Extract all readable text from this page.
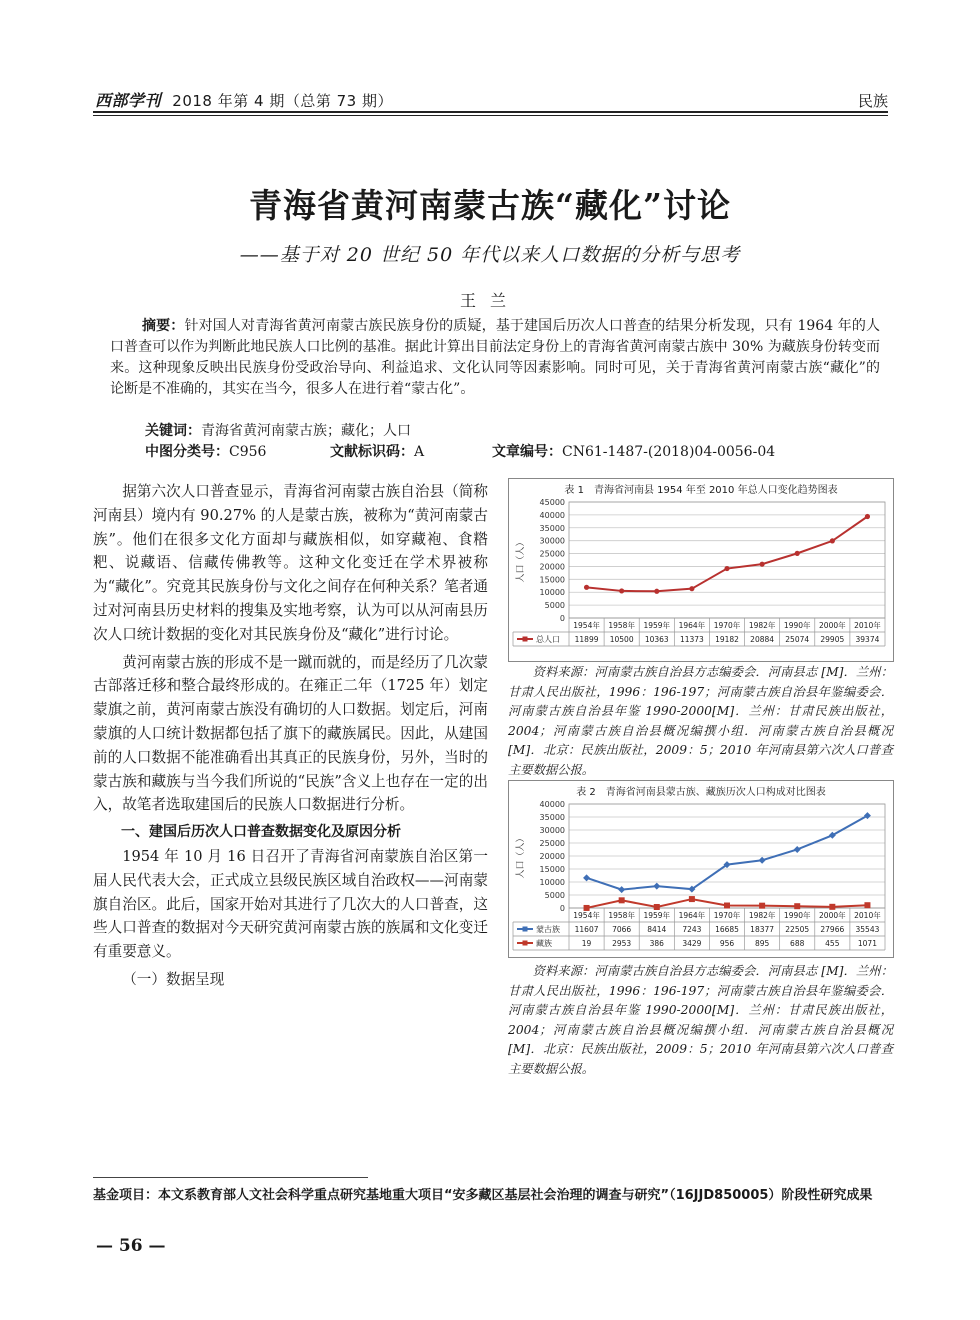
西部学刊 2018 年第 4 期（总第 73 期）	民族
青海省黄河南蒙古族“藏化”讨论
——基于对 20 世纪 50 年代以来人口数据的分析与思考
王兰
摘要：针对国人对青海省黄河南蒙古族民族身份的质疑，基于建国后历次人口普查的结果分析发现，只有 1964 年的人口普查可以作为判断此地民族人口比例的基准。据此计算出目前法定身份上的青海省黄河南蒙古族中 30% 为藏族身份转变而来。这种现象反映出民族身份受政治导向、利益追求、文化认同等因素影响。同时可见，关于青海省黄河南蒙古族“藏化”的论断是不准确的，其实在当今，很多人在进行着“蒙古化”。
关键词：青海省黄河南蒙古族；藏化；人口
中图分类号：C956	文献标识码：A	文章编号：CN61-1487-(2018)04-0056-04

据第六次人口普查显示，青海省河南蒙古族自治县（简称河南县）境内有 90.27% 的人是蒙古族，被称为“黄河南蒙古族”。他们在很多文化方面却与藏族相似，如穿藏袍、食糌粑、说藏语、信藏传佛教等。这种文化变迁在学术界被称为“藏化”。究竟其民族身份与文化之间存在何种关系？笔者通过对河南县历史材料的搜集及实地考察，认为可以从河南县历次人口统计数据的变化对其民族身份及“藏化”进行讨论。

黄河南蒙古族的形成不是一蹴而就的，而是经历了几次蒙古部落迁移和整合最终形成的。在雍正二年（1725 年）划定蒙旗之前，黄河南蒙古族没有确切的人口数据。划定后，河南蒙旗的人口统计数据都包括了旗下的藏族属民。因此，从建国前的人口数据不能准确看出其真正的民族身份，另外，当时的蒙古族和藏族与当今我们所说的“民族”含义上也存在一定的出入，故笔者选取建国后的民族人口数据进行分析。

一、建国后历次人口普查数据变化及原因分析

1954 年 10 月 16 日召开了青海省河南蒙族自治区第一届人民代表大会，正式成立县级民族区域自治政权——河南蒙旗自治区。此后，国家开始对其进行了几次大的人口普查，这些人口普查的数据对今天研究黄河南蒙古族的族属和文化变迁有重要意义。

（一）数据呈现

表 1　青海省河南县 1954 年至 2010 年总人口变化趋势图表
0
5000
10000
15000
20000
25000
30000
35000
40000
45000
人口（人）
1954年 1958年 1959年 1964年 1970年 1982年 1990年 2000年 2010年
总人口 11899 10500 10363 11373 19182 20884 25074 29905 39374

资料来源：河南蒙古族自治县方志编委会．河南县志 [M]．兰州：甘肃人民出版社，1996：196-197；河南蒙古族自治县年鉴编委会．河南蒙古族自治县年鉴 1990-2000[M]．兰州：甘肃民族出版社，2004；河南蒙古族自治县概况编撰小组．河南蒙古族自治县概况 [M]．北京：民族出版社，2009：5；2010 年河南县第六次人口普查主要数据公报。

表 2　青海省河南县蒙古族、藏族历次人口构成对比图表
0
5000
10000
15000
20000
25000
30000
35000
40000
人口（人）
1954年 1958年 1959年 1964年 1970年 1982年 1990年 2000年 2010年
蒙古族 11607 7066 8414 7243 16685 18377 22505 27966 35543
藏族	19	2953 386 3429 956	895	688	455 1071

资料来源：河南蒙古族自治县方志编委会．河南县志 [M]．兰州：甘肃人民出版社，1996：196-197；河南蒙古族自治县年鉴编委会．河南蒙古族自治县年鉴 1990-2000[M]．兰州：甘肃民族出版社，2004；河南蒙古族自治县概况编撰小组．河南蒙古族自治县概况 [M]．北京：民族出版社，2009：5；2010 年河南县第六次人口普查主要数据公报。

基金项目：本文系教育部人文社会科学重点研究基地重大项目“安多藏区基层社会治理的调查与研究”（16JJD850005）阶段性研究成果
— 56 —
